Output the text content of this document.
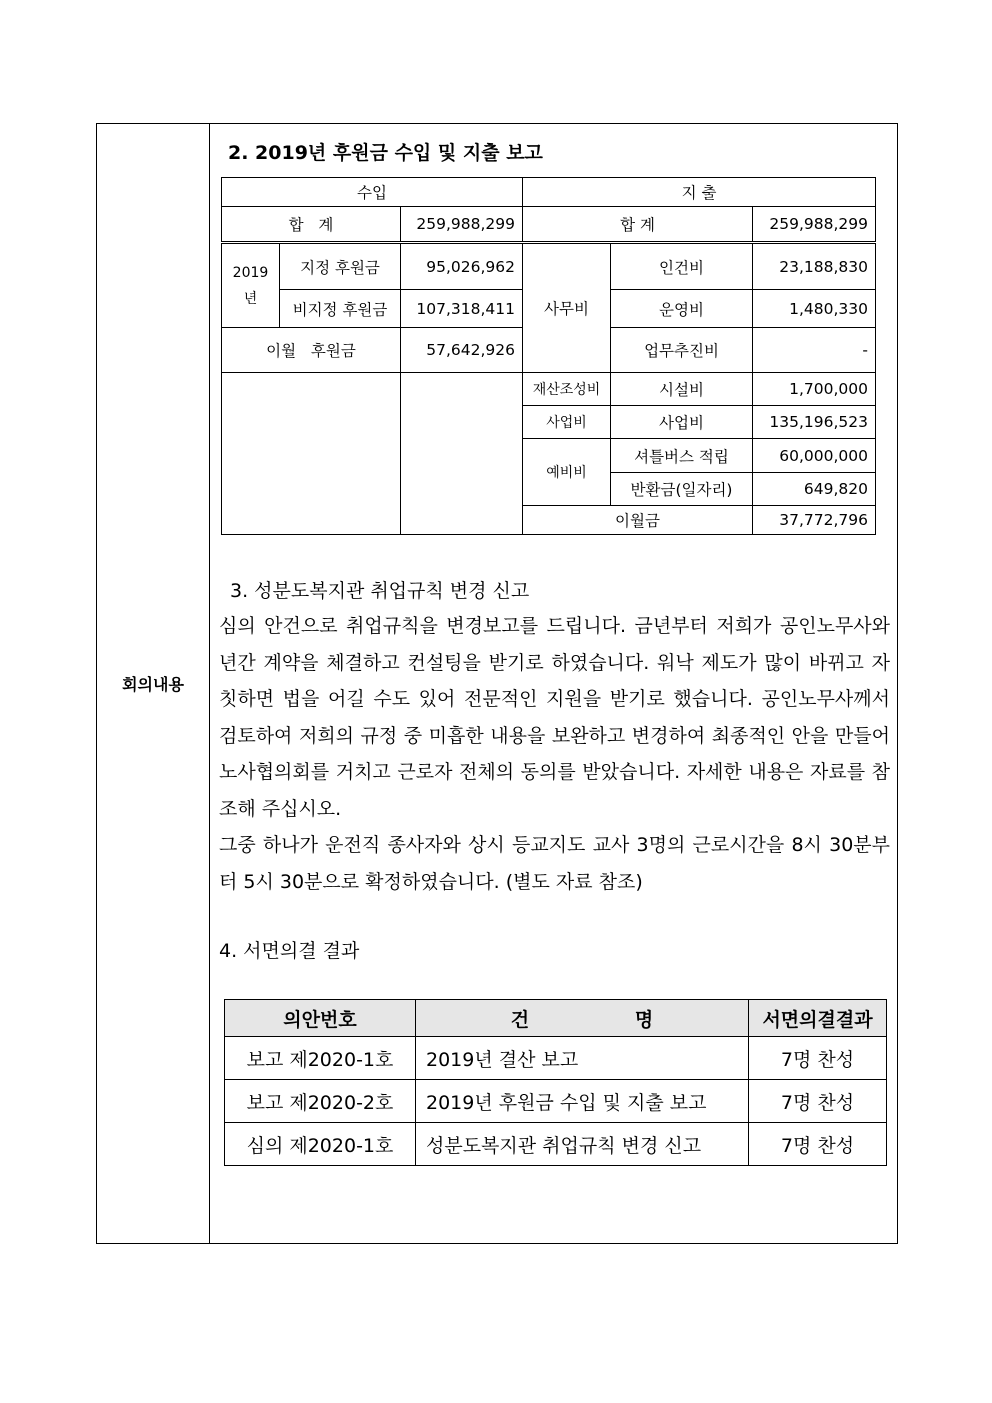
회의내용
2. 2019년 후원금 수입 및 지출 보고
수입			지 출		
합   계		259,988,299	합 계		259,988,299
2019
년	지정 후원금	95,026,962	사무비	인건비	23,188,830
	비지정 후원금	107,318,411		운영비	1,480,330
이월   후원금		57,642,926		업무추진비	-
			재산조성비	시설비	1,700,000
			사업비	사업비	135,196,523
			예비비	셔틀버스 적립	60,000,000
				반환금(일자리)	649,820
			이월금		37,772,796
3. 성분도복지관 취업규칙 변경 신고

심의 안건으로 취업규칙을 변경보고를 드립니다. 금년부터 저희가 공인노무사와 년간 계약을 체결하고 컨설팅을 받기로 하였습니다. 워낙 제도가 많이 바뀌고 자칫하면 법을 어길 수도 있어 전문적인 지원을 받기로 했습니다. 공인노무사께서 검토하여 저희의 규정 중 미흡한 내용을 보완하고 변경하여 최종적인 안을 만들어 노사협의회를 거치고 근로자 전체의 동의를 받았습니다. 자세한 내용은 자료를 참조해 주십시오.

그중 하나가 운전직 종사자와 상시 등교지도 교사 3명의 근로시간을 8시 30분부터 5시 30분으로 확정하였습니다. (별도 자료 참조)

4. 서면의결 결과
의안번호	건                명	서면의결결과
보고 제2020-1호	2019년 결산 보고	7명 찬성
보고 제2020-2호	2019년 후원금 수입 및 지출 보고	7명 찬성
심의 제2020-1호	성분도복지관 취업규칙 변경 신고	7명 찬성
